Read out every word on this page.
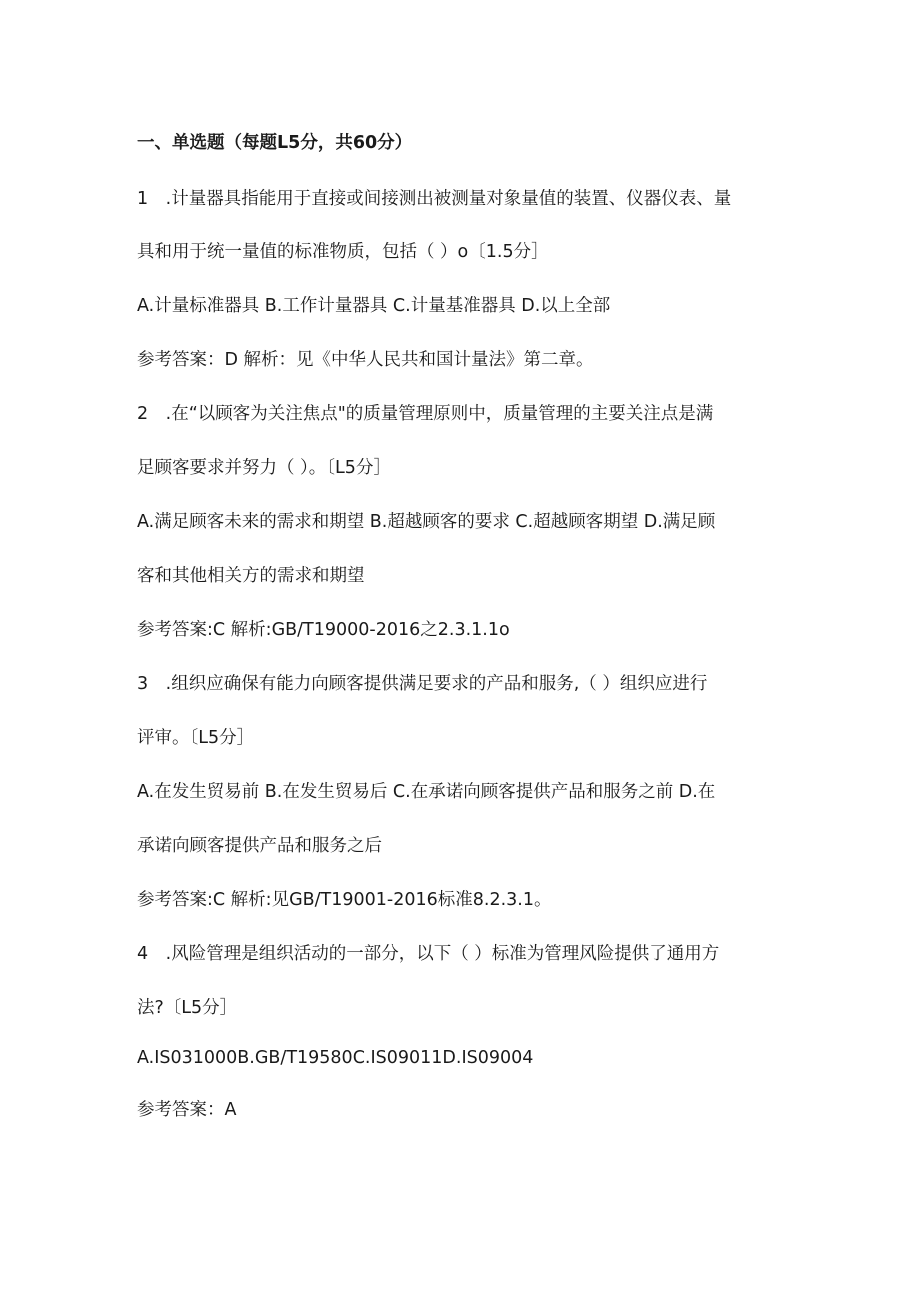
一、单选题（每题L5分，共60分）
1　.计量器具指能用于直接或间接测出被测量对象量值的装置、仪器仪表、量
具和用于统一量值的标准物质，包括（ ）o〔1.5分］
A.计量标准器具 B.工作计量器具 C.计量基准器具 D.以上全部
参考答案：D 解析：见《中华人民共和国计量法》第二章。
2　.在“以顾客为关注焦点"的质量管理原则中，质量管理的主要关注点是满
足顾客要求并努力（ ）。〔L5分］
A.满足顾客未来的需求和期望 B.超越顾客的要求 C.超越顾客期望 D.满足顾
客和其他相关方的需求和期望
参考答案:C 解析:GB/T19000-2016之2.3.1.1o
3　.组织应确保有能力向顾客提供满足要求的产品和服务,（ ）组织应进行
评审。〔L5分］
A.在发生贸易前 B.在发生贸易后 C.在承诺向顾客提供产品和服务之前 D.在
承诺向顾客提供产品和服务之后
参考答案:C 解析:见GB/T19001-2016标准8.2.3.1。
4　.风险管理是组织活动的一部分，以下（ ）标准为管理风险提供了通用方
法?〔L5分］
A.IS031000B.GB/T19580C.IS09011D.IS09004
参考答案：A
